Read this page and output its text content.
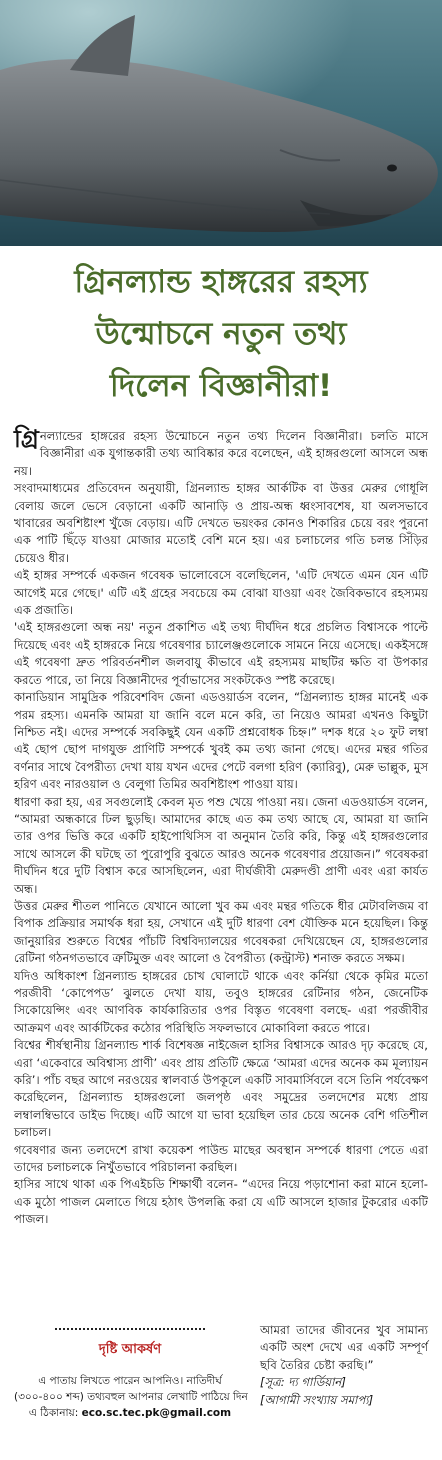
গ্রিনল্যান্ড হাঙ্গরের রহস্য
উন্মোচনে নতুন তথ্য
দিলেন বিজ্ঞানীরা!

গ্রিনল্যান্ডের হাঙ্গরের রহস্য উন্মোচনে নতুন তথ্য দিলেন বিজ্ঞানীরা। চলতি মাসে বিজ্ঞানীরা এক যুগান্তকারী তথ্য আবিষ্কার করে বলেছেন, এই হাঙ্গরগুলো আসলে অন্ধ নয়।

সংবাদমাধ্যমের প্রতিবেদন অনুযায়ী, গ্রিনল্যান্ড হাঙ্গর আর্কটিক বা উত্তর মেরুর গোধূলি বেলায় জলে ভেসে বেড়ানো একটি আনাড়ি ও প্রায়-অন্ধ ধ্বংসাবশেষ, যা অলসভাবে খাবারের অবশিষ্টাংশ খুঁজে বেড়ায়। এটি দেখতে ভয়ংকর কোনও শিকারির চেয়ে বরং পুরনো এক পাটি ছিঁড়ে যাওয়া মোজার মতোই বেশি মনে হয়। এর চলাচলের গতি চলন্ত সিঁড়ির চেয়েও ধীর।

এই হাঙ্গর সম্পর্কে একজন গবেষক ভালোবেসে বলেছিলেন, 'এটি দেখতে এমন যেন এটি আগেই মরে গেছে।' এটি এই গ্রহের সবচেয়ে কম বোঝা যাওয়া এবং জৈবিকভাবে রহস্যময় এক প্রজাতি।

'এই হাঙ্গরগুলো অন্ধ নয়' নতুন প্রকাশিত এই তথ্য দীর্ঘদিন ধরে প্রচলিত বিশ্বাসকে পাল্টে দিয়েছে এবং এই হাঙ্গরকে নিয়ে গবেষণার চ্যালেঞ্জগুলোকে সামনে নিয়ে এসেছে। একইসঙ্গে এই গবেষণা দ্রুত পরিবর্তনশীল জলবায়ু কীভাবে এই রহস্যময় মাছটির ক্ষতি বা উপকার করতে পারে, তা নিয়ে বিজ্ঞানীদের পূর্বাভাসের সংকটকেও স্পষ্ট করেছে।

কানাডিয়ান সামুদ্রিক পরিবেশবিদ জেনা এডওয়ার্ডস বলেন, “গ্রিনল্যান্ড হাঙ্গর মানেই এক পরম রহস্য। এমনকি আমরা যা জানি বলে মনে করি, তা নিয়েও আমরা এখনও কিছুটা নিশ্চিত নই। এদের সম্পর্কে সবকিছুই যেন একটি প্রশ্নবোধক চিহ্ন।” দশক ধরে ২০ ফুট লম্বা এই ছোপ ছোপ দাগযুক্ত প্রাণিটি সম্পর্কে খুবই কম তথ্য জানা গেছে। এদের মন্থর গতির বর্ণনার সাথে বৈপরীত্য দেখা যায় যখন এদের পেটে বলগা হরিণ (ক্যারিবু), মেরু ভাল্লুক, মুস হরিণ এবং নারওয়াল ও বেলুগা তিমির অবশিষ্টাংশ পাওয়া যায়।

ধারণা করা হয়, এর সবগুলোই কেবল মৃত পশু খেয়ে পাওয়া নয়। জেনা এডওয়ার্ডস বলেন, “আমরা অন্ধকারে ঢিল ছুড়ছি। আমাদের কাছে এত কম তথ্য আছে যে, আমরা যা জানি তার ওপর ভিত্তি করে একটি হাইপোথিসিস বা অনুমান তৈরি করি, কিন্তু এই হাঙ্গরগুলোর সাথে আসলে কী ঘটছে তা পুরোপুরি বুঝতে আরও অনেক গবেষণার প্রয়োজন।” গবেষকরা দীর্ঘদিন ধরে দুটি বিশ্বাস করে আসছিলেন, এরা দীর্ঘজীবী মেরুদণ্ডী প্রাণী এবং এরা কার্যত অন্ধ।

উত্তর মেরুর শীতল পানিতে যেখানে আলো খুব কম এবং মন্থর গতিকে ধীর মেটাবলিজম বা বিপাক প্রক্রিয়ার সমার্থক ধরা হয়, সেখানে এই দুটি ধারণা বেশ যৌক্তিক মনে হয়েছিল। কিন্তু জানুয়ারির শুরুতে বিশ্বের পাঁচটি বিশ্ববিদ্যালয়ের গবেষকরা দেখিয়েছেন যে, হাঙ্গরগুলোর রেটিনা গঠনগতভাবে ত্রুটিমুক্ত এবং আলো ও বৈপরীত্য (কন্ট্রাস্ট) শনাক্ত করতে সক্ষম।

যদিও অধিকাংশ গ্রিনল্যান্ড হাঙ্গরের চোখ ঘোলাটে থাকে এবং কর্নিয়া থেকে কৃমির মতো পরজীবী ‘কোপেপড’ ঝুলতে দেখা যায়, তবুও হাঙ্গরের রেটিনার গঠন, জেনেটিক সিকোয়েন্সিং এবং আণবিক কার্যকারিতার ওপর বিস্তৃত গবেষণা বলছে- এরা পরজীবীর আক্রমণ এবং আর্কটিকের কঠোর পরিস্থিতি সফলভাবে মোকাবিলা করতে পারে।

বিশ্বের শীর্ষস্থানীয় গ্রিনল্যান্ড শার্ক বিশেষজ্ঞ নাইজেল হাসির বিশ্বাসকে আরও দৃঢ় করেছে যে, এরা ‘একেবারে অবিশ্বাস্য প্রাণী’ এবং প্রায় প্রতিটি ক্ষেত্রে ‘আমরা এদের অনেক কম মূল্যায়ন করি’। পাঁচ বছর আগে নরওয়ের স্বালবার্ড উপকূলে একটি সাবমার্সিবলে বসে তিনি পর্যবেক্ষণ করেছিলেন, গ্রিনল্যান্ড হাঙ্গরগুলো জলপৃষ্ঠ এবং সমুদ্রের তলদেশের মধ্যে প্রায় লম্বালম্বিভাবে ডাইভ দিচ্ছে। এটি আগে যা ভাবা হয়েছিল তার চেয়ে অনেক বেশি গতিশীল চলাচল।

গবেষণার জন্য তলদেশে রাখা কয়েকশ পাউন্ড মাছের অবস্থান সম্পর্কে ধারণা পেতে এরা তাদের চলাচলকে নিখুঁতভাবে পরিচালনা করছিল।

হাসির সাথে থাকা এক পিএইচডি শিক্ষার্থী বলেন- “এদের নিয়ে পড়াশোনা করা মানে হলো- এক মুঠো পাজল মেলাতে গিয়ে হঠাৎ উপলব্ধি করা যে এটি আসলে হাজার টুকরোর একটি পাজল।

দৃষ্টি আকর্ষণ
এ পাতায় লিখতে পারেন আপনিও। নাতিদীর্ঘ
(৩০০-৪০০ শব্দ) তথ্যবহুল আপনার লেখাটি পাঠিয়ে দিন
এ ঠিকানায়: eco.sc.tec.pk@gmail.com

আমরা তাদের জীবনের খুব সামান্য একটি অংশ দেখে এর একটি সম্পূর্ণ ছবি তৈরির চেষ্টা করছি।”

[সূত্র: দ্য গার্ডিয়ান]

[আগামী সংখ্যায় সমাপ্য]
